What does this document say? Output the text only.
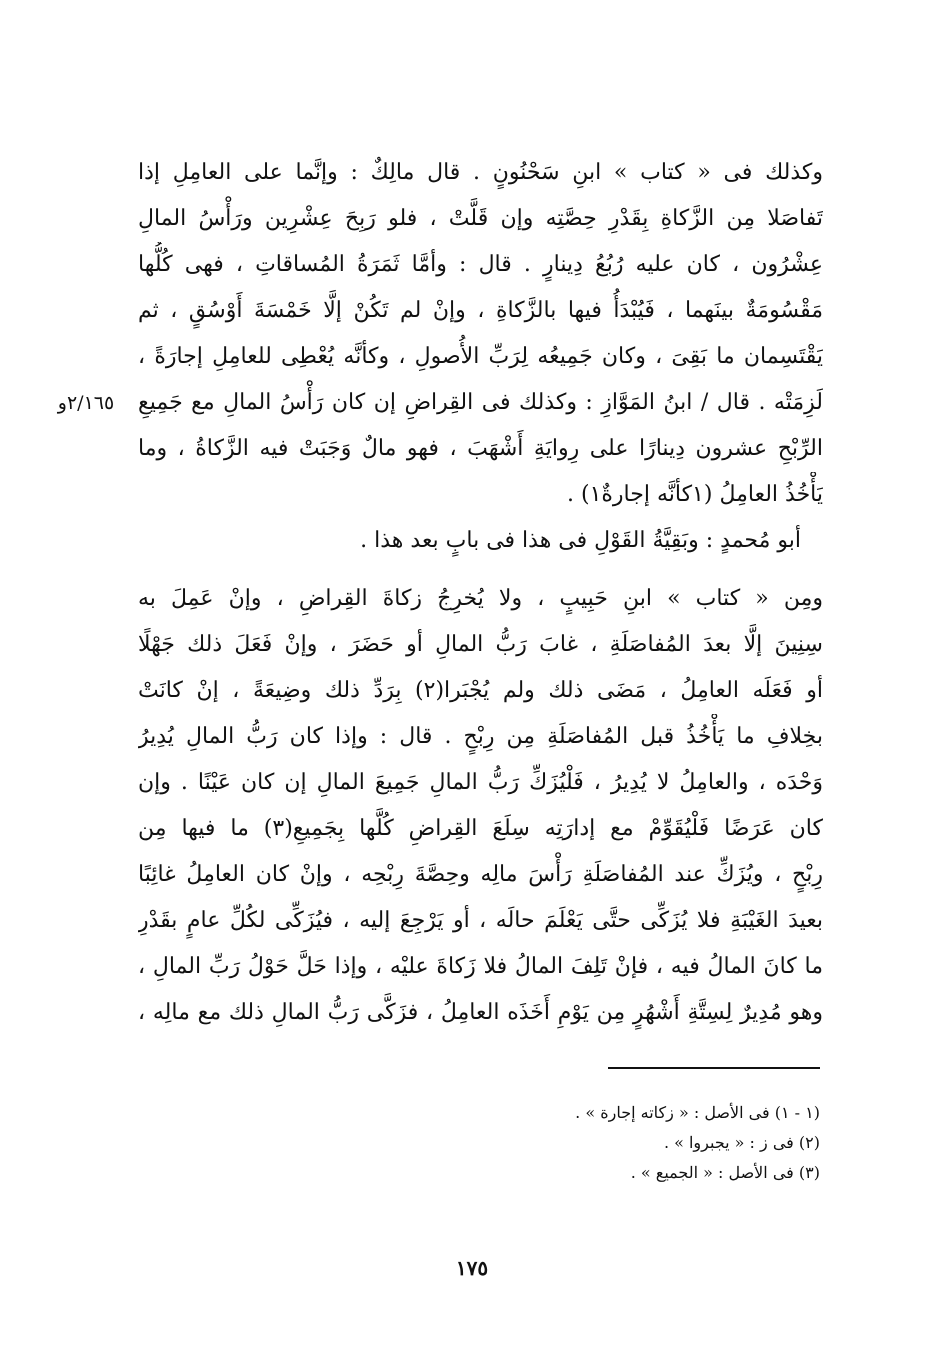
٢/١٦٥و
وكذلك فى « كتاب » ابنِ سَحْنُونٍ . قال مالِكٌ : وإنَّما على العامِلِ إذا
تَفاصَلا مِن الزَّكاةِ بِقَدْرِ حِصَّتِه وإن قَلَّتْ ، فلو رَبِحَ عِشْرِين ورَأْسُ المالِ
عِشْرُون ، كان عليه رُبُعُ دِينارٍ . قال : وأمَّا ثَمَرَةُ المُساقاتِ ، فهى كُلُّها
مَقْسُومَةٌ بينَهما ، فَيُبْدَأُ فيها بالزَّكاةِ ، وإنْ لم تَكُنْ إلَّا خَمْسَةَ أَوْسُقٍ ، ثم
يَقْتَسِمان ما بَقِىَ ، وكان جَمِيعُه لِرَبِّ الأُصولِ ، وكأنَّه يُعْطِى للعامِلِ إجارَةً ،
لَزِمَتْه . قال / ابنُ المَوَّازِ : وكذلك فى القِراضِ إن كان رَأْسُ المالِ مع جَمِيعِ
الرِّبْحِ عشرون دِينارًا على رِوايَةِ أَشْهَبَ ، فهو مالٌ وَجَبَتْ فيه الزَّكاةُ ، وما
يَأْخُذُ العامِلُ (١كأنَّه إجارةٌ١) .
أبو مُحمدٍ : وبَقِيَّةُ القَوْلِ فى هذا فى بابٍ بعد هذا .
ومِن « كتاب » ابنِ حَبِيبٍ ، ولا يُخرِجُ زكاةَ القِراضِ ، وإنْ عَمِلَ به
سِنِينَ إلَّا بعدَ المُفاصَلَةِ ، غابَ رَبُّ المالِ أو حَضَرَ ، وإنْ فَعَلَ ذلك جَهْلًا
أو فَعَلَه العامِلُ ، مَضَى ذلك ولم يُجْبَرا(٢) بِرَدِّ ذلك وضِيعَةً ، إنْ كانَتْ
بخِلافِ ما يَأْخُذُ قبل المُفاصَلَةِ مِن رِبْحٍ . قال : وإذا كان رَبُّ المالِ يُدِيرُ
وَحْدَه ، والعامِلُ لا يُدِيرُ ، فَلْيُزَكِّ رَبُّ المالِ جَمِيعَ المالِ إن كان عَيْنًا . وإن
كان عَرَضًا فَلْيُقَوِّمْ مع إدارَتِه سِلَعَ القِراضِ كُلَّها بِجَمِيعِ(٣) ما فيها مِن
رِبْحٍ ، ويُزَكِّ عند المُفاصَلَةِ رَأْسَ مالِه وحِصَّةَ رِبْحِه ، وإنْ كان العامِلُ غائِبًا
بعيدَ الغَيْبَةِ فلا يُزَكِّى حتَّى يَعْلَمَ حالَه ، أو يَرْجِعَ إليه ، فيُزَكِّى لكُلِّ عامٍ بقَدْرِ
ما كانَ المالُ فيه ، فإنْ تَلِفَ المالُ فلا زَكاةَ عليْه ، وإذا حَلَّ حَوْلُ رَبِّ المالِ ،
وهو مُدِيرٌ لِسِتَّةِ أَشْهُرٍ مِن يَوْمِ أَخَذَه العامِلُ ، فزَكَّى رَبُّ المالِ ذلك مع مالِه ،
(١ - ١) فى الأصل : « زكاته إجارة » .
(٢) فى ز : « يجبروا » .
(٣) فى الأصل : « الجميع » .
١٧٥
